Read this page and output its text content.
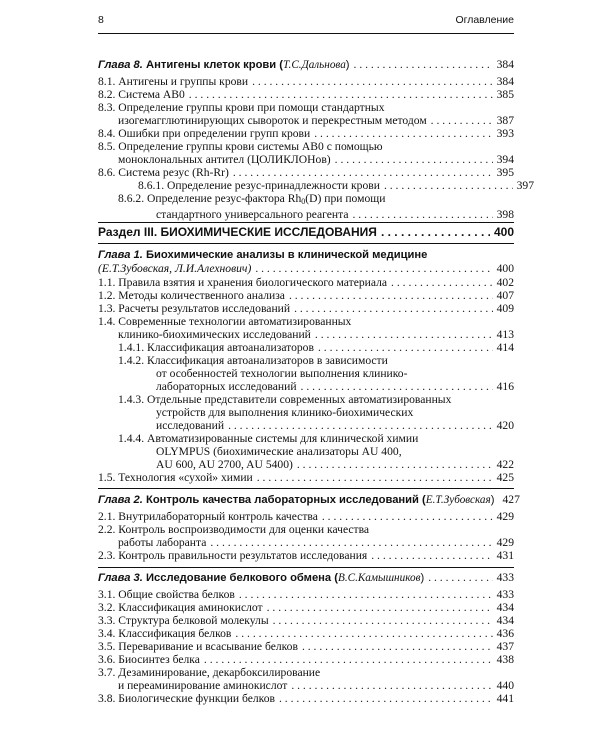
8	Оглавление
Глава 8. Антигены клеток крови (Т.С.Дальнова) . . .	384
8.1.
Антигены и группы крови . . .	384
8.2.
Система АВ0 . . .	385
8.3. Определение группы крови при помощи стандартных
изогемагглютинирующих сывороток и перекрестным методом . . .	387
8.4.
Ошибки при определении групп крови . . .	393
8.5. Определение группы крови системы АВ0 с помощью
моноклональных антител (ЦОЛИКЛОНов) . . .	394
8.6.
Система резус (Rh-Rr) . . .	395
8.6.1.
Определение резус-принадлежности крови . . .	397
8.6.2. Определение резус-фактора Rh0(D) при помощи
стандартного универсального реагента . . .	398
Раздел III. БИОХИМИЧЕСКИЕ ИССЛЕДОВАНИЯ . . .	400
Глава 1. Биохимические анализы в клинической медицине
(Е.Т.Зубовская, Л.И.Алехнович) . . .	400
1.1.
Правила взятия и хранения биологического материала . . .	402
1.2.
Методы количественного анализа . . .	407
1.3.
Расчеты результатов исследований . . .	409
1.4. Современные технологии автоматизированных
клинико-биохимических исследований . . .	413
1.4.1.
Классификация автоанализаторов . . .	414
1.4.2. Классификация автоанализаторов в зависимости
от особенностей технологии выполнения клинико-
лабораторных исследований . . .	416
1.4.3. Отдельные представители современных автоматизированных
устройств для выполнения клинико-биохимических
исследований . . .	420
1.4.4. Автоматизированные системы для клинической химии
OLYMPUS (биохимические анализаторы AU 400,
AU 600, AU 2700, AU 5400) . . .	422
1.5.
Технология «сухой» химии . . .	425
Глава 2. Контроль качества лабораторных исследований (Е.Т.Зубовская) 427
2.1.
Внутрилабораторный контроль качества . . .	429
2.2. Контроль воспроизводимости для оценки качества
работы лаборанта . . .	429
2.3.
Контроль правильности результатов исследования . . .	431
Глава 3. Исследование белкового обмена (В.С.Камышников) . . .	433
3.1.
Общие свойства белков . . .	433
3.2.
Классификация аминокислот . . .	434
3.3.
Структура белковой молекулы . . .	434
3.4.
Классификация белков . . .	436
3.5.
Переваривание и всасывание белков . . .	437
3.6.
Биосинтез белка . . .	438
3.7. Дезаминирование, декарбоксилирование
и переаминирование аминокислот . . .	440
3.8.
Биологические функции белков . . .	441
